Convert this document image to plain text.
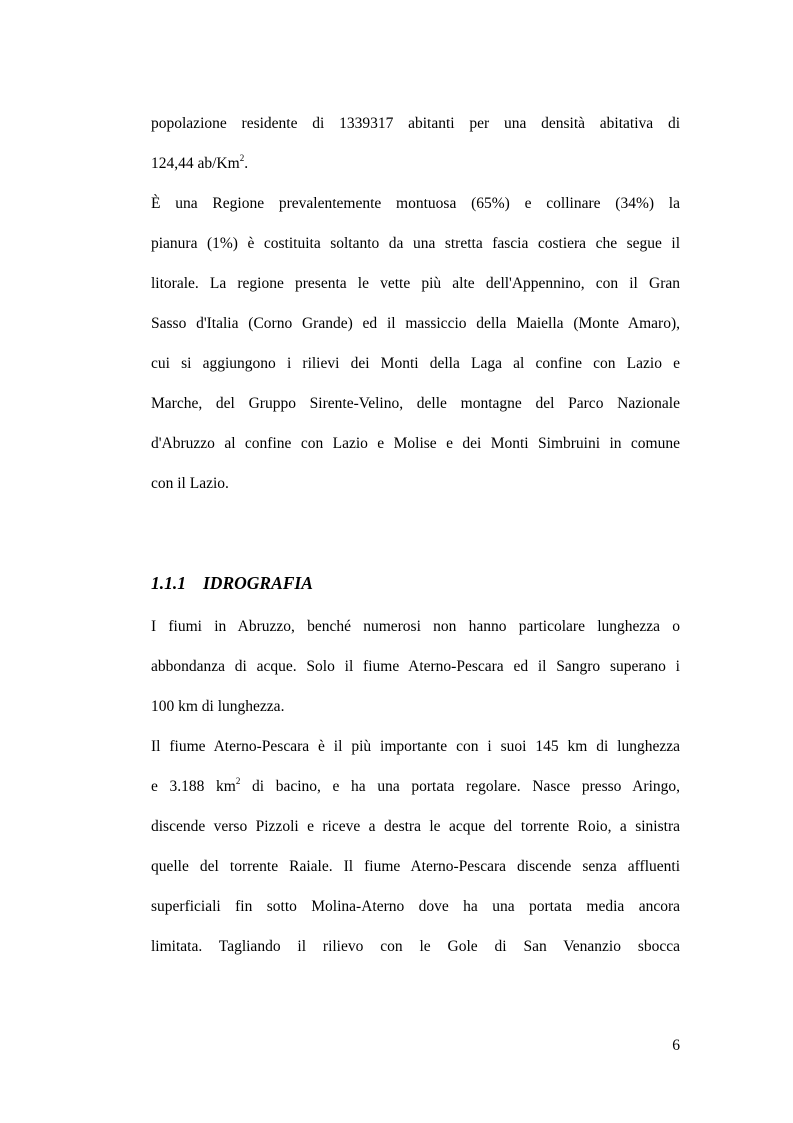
popolazione residente di 1339317 abitanti per una densità abitativa di
124,44 ab/Km$^2$.
È una Regione prevalentemente montuosa (65%) e collinare (34%) la
pianura (1%) è costituita soltanto da una stretta fascia costiera che segue il
litorale. La regione presenta le vette più alte dell'Appennino, con il Gran
Sasso d'Italia (Corno Grande) ed il massiccio della Maiella (Monte Amaro),
cui si aggiungono i rilievi dei Monti della Laga al confine con Lazio e
Marche, del Gruppo Sirente-Velino, delle montagne del Parco Nazionale
d'Abruzzo al confine con Lazio e Molise e dei Monti Simbruini in comune
con il Lazio.
1.1.1 IDROGRAFIA
I fiumi in Abruzzo, benché numerosi non hanno particolare lunghezza o
abbondanza di acque. Solo il fiume Aterno-Pescara ed il Sangro superano i
100 km di lunghezza.
Il fiume Aterno-Pescara è il più importante con i suoi 145 km di lunghezza
e 3.188 $km^2$ di bacino, e ha una portata regolare. Nasce presso Aringo,
discende verso Pizzoli e riceve a destra le acque del torrente Roio, a sinistra
quelle del torrente Raiale. Il fiume Aterno-Pescara discende senza affluenti
superficiali fin sotto Molina-Aterno dove ha una portata media ancora
limitata. Tagliando il rilievo con le Gole di San Venanzio sbocca
6
